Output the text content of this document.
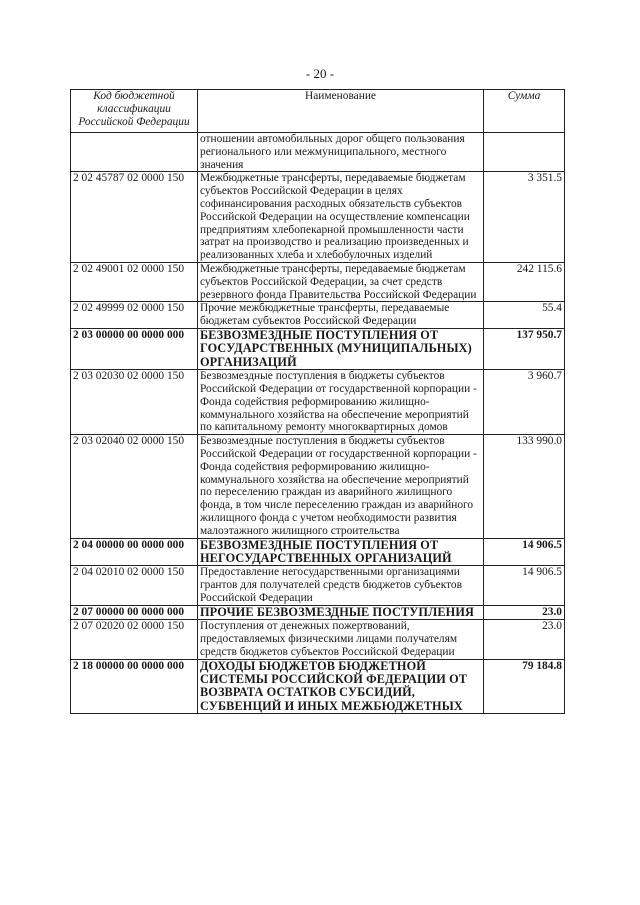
- 20 -
Код бюджетной классификации Российской Федерации	Наименование	Сумма
	отношении автомобильных дорог общего пользования регионального или межмуниципального, местного значения	
2 02 45787 02 0000 150	Межбюджетные трансферты, передаваемые бюджетам субъектов Российской Федерации в целях софинансирования расходных обязательств субъектов Российской Федерации на осуществление компенсации предприятиям хлебопекарной промышленности части затрат на производство и реализацию произведенных и реализованных хлеба и хлебобулочных изделий	3 351.5
2 02 49001 02 0000 150	Межбюджетные трансферты, передаваемые бюджетам субъектов Российской Федерации, за счет средств резервного фонда Правительства Российской Федерации	242 115.6
2 02 49999 02 0000 150	Прочие межбюджетные трансферты, передаваемые бюджетам субъектов Российской Федерации	55.4
2 03 00000 00 0000 000	БЕЗВОЗМЕЗДНЫЕ ПОСТУПЛЕНИЯ ОТ ГОСУДАРСТВЕННЫХ (МУНИЦИПАЛЬНЫХ) ОРГАНИЗАЦИЙ	137 950.7
2 03 02030 02 0000 150	Безвозмездные поступления в бюджеты субъектов Российской Федерации от государственной корпорации - Фонда содействия реформированию жилищно-коммунального хозяйства на обеспечение мероприятий по капитальному ремонту многоквартирных домов	3 960.7
2 03 02040 02 0000 150	Безвозмездные поступления в бюджеты субъектов Российской Федерации от государственной корпорации - Фонда содействия реформированию жилищно-коммунального хозяйства на обеспечение мероприятий по переселению граждан из аварийного жилищного фонда, в том числе переселению граждан из аварийного жилищного фонда с учетом необходимости развития малоэтажного жилищного строительства	133 990.0
2 04 00000 00 0000 000	БЕЗВОЗМЕЗДНЫЕ ПОСТУПЛЕНИЯ ОТ НЕГОСУДАРСТВЕННЫХ ОРГАНИЗАЦИЙ	14 906.5
2 04 02010 02 0000 150	Предоставление негосударственными организациями грантов для получателей средств бюджетов субъектов Российской Федерации	14 906.5
2 07 00000 00 0000 000	ПРОЧИЕ БЕЗВОЗМЕЗДНЫЕ ПОСТУПЛЕНИЯ	23.0
2 07 02020 02 0000 150	Поступления от денежных пожертвований, предоставляемых физическими лицами получателям средств бюджетов субъектов Российской Федерации	23.0
2 18 00000 00 0000 000	ДОХОДЫ БЮДЖЕТОВ БЮДЖЕТНОЙ СИСТЕМЫ РОССИЙСКОЙ ФЕДЕРАЦИИ ОТ ВОЗВРАТА ОСТАТКОВ СУБСИДИЙ, СУБВЕНЦИЙ И ИНЫХ МЕЖБЮДЖЕТНЫХ	79 184.8
